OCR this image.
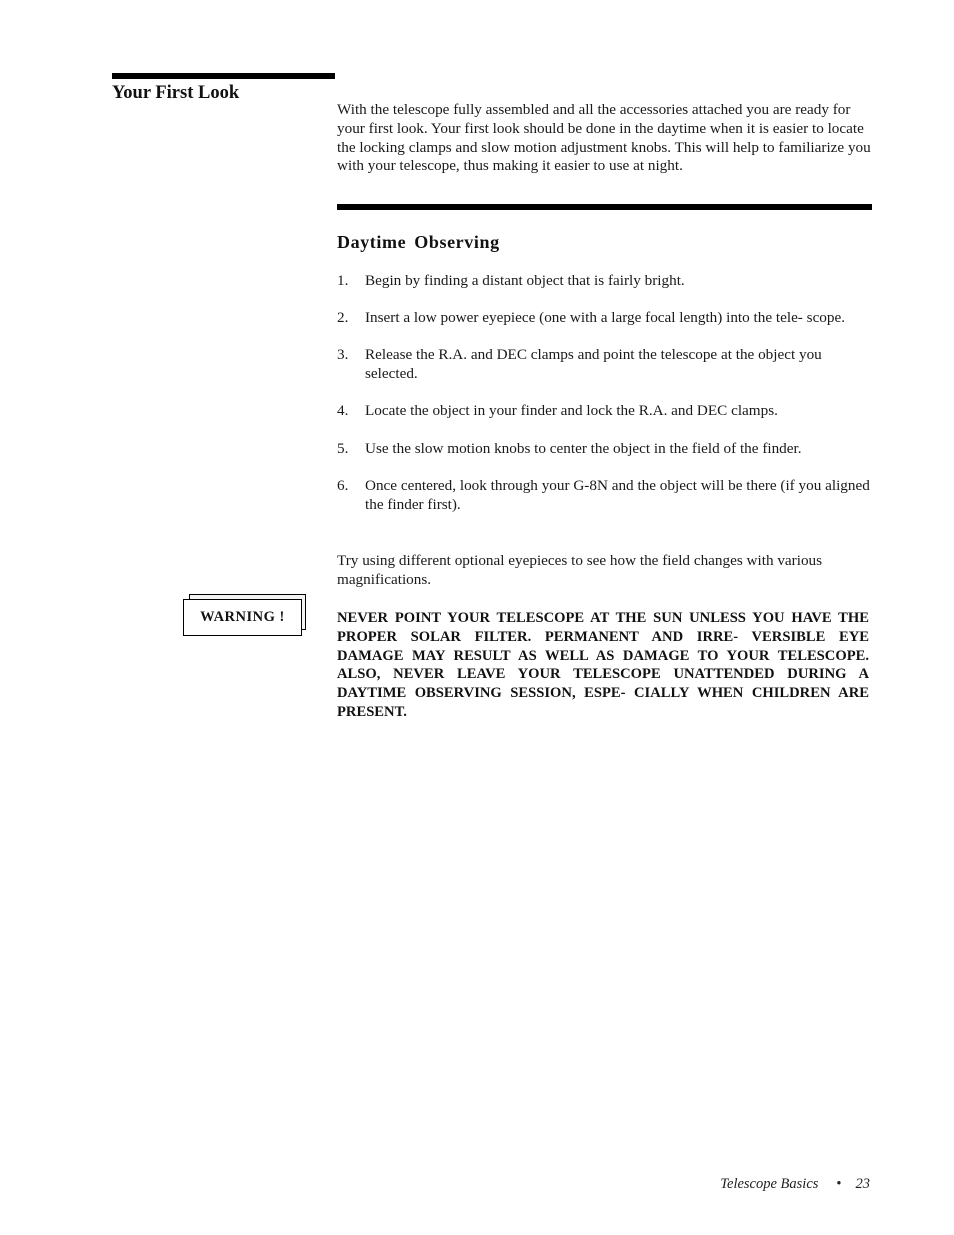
Your First Look

With the telescope fully assembled and all the accessories attached you are ready for your first look. Your first look should be done in the daytime when it is easier to locate the locking clamps and slow motion adjustment knobs. This will help to familiarize you with your telescope, thus making it easier to use at night.

Daytime Observing
1. Begin by finding a distant object that is fairly bright.
2. Insert a low power eyepiece (one with a large focal length) into the tele- scope.
3. Release the R.A. and DEC clamps and point the telescope at the object you selected.
4. Locate the object in your finder and lock the R.A. and DEC clamps.
5. Use the slow motion knobs to center the object in the field of the finder.
6. Once centered, look through your G-8N and the object will be there (if you aligned the finder first).

Try using different optional eyepieces to see how the field changes with various magnifications.

WARNING !	NEVER POINT YOUR TELESCOPE AT THE SUN UNLESS YOU HAVE THE PROPER SOLAR FILTER. PERMANENT AND IRRE- VERSIBLE EYE DAMAGE MAY RESULT AS WELL AS DAMAGE TO YOUR TELESCOPE. ALSO, NEVER LEAVE YOUR TELESCOPE UNATTENDED DURING A DAYTIME OBSERVING SESSION, ESPE- CIALLY WHEN CHILDREN ARE PRESENT.

Telescope Basics • 23
